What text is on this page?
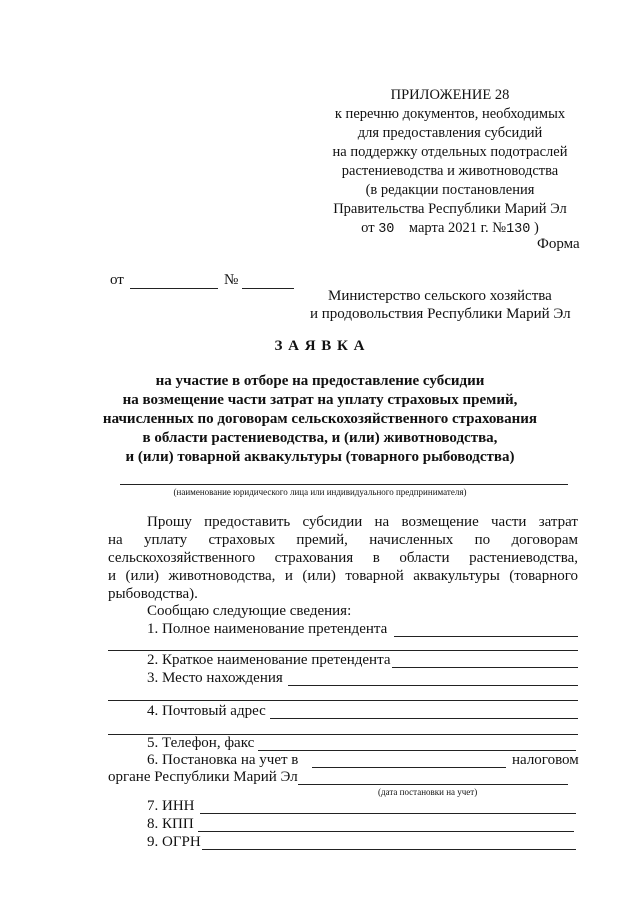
ПРИЛОЖЕНИЕ 28
к перечню документов, необходимых
для предоставления субсидий
на поддержку отдельных подотраслей
растениеводства и животноводства
(в редакции постановления
Правительства Республики Марий Эл
от 30 марта 2021 г. №130 )
Форма
от	№
Министерство сельского хозяйства
и продовольствия Республики Марий Эл
З А Я В К А
на участие в отборе на предоставление субсидии
на возмещение части затрат на уплату страховых премий,
начисленных по договорам сельскохозяйственного страхования
в области растениеводства, и (или) животноводства,
и (или) товарной аквакультуры (товарного рыбоводства)
(наименование юридического лица или индивидуального предпринимателя)
Прошу предоставить субсидии на возмещение части затрат
на уплату страховых премий, начисленных по договорам
сельскохозяйственного страхования в области растениеводства,
и (или) животноводства, и (или) товарной аквакультуры (товарного
рыбоводства).
Сообщаю следующие сведения:
1. Полное наименование претендента
2. Краткое наименование претендента
3. Место нахождения
4. Почтовый адрес
5. Телефон, факс
6. Постановка на учет в	налоговом
органе Республики Марий Эл
(дата постановки на учет)
7. ИНН
8. КПП
9. ОГРН
